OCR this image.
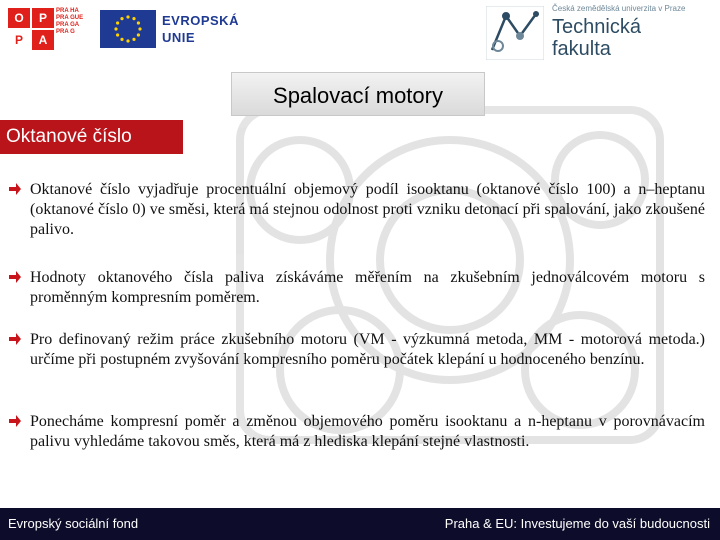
O	P
P	A
PRA HA
PRA GUE
PRA GA
PRA G
EVROPSKÁ
UNIE
Česká zemědělská univerzita v Praze
Technická
fakulta
Spalovací motory
Oktanové číslo
Oktanové číslo vyjadřuje procentuální objemový podíl isooktanu (oktanové číslo 100) a n–heptanu (oktanové číslo 0) ve směsi, která má stejnou odolnost proti vzniku detonací při spalování, jako zkoušené palivo.
Hodnoty oktanového čísla paliva získáváme měřením na zkušebním jednoválcovém motoru s proměnným kompresním poměrem.
Pro definovaný režim práce zkušebního motoru (VM - výzkumná metoda, MM - motorová metoda.) určíme při postupném zvyšování kompresního poměru počátek klepání u hodnoceného benzínu.
Ponecháme kompresní poměr a změnou objemového poměru isooktanu a n-heptanu v porovnávacím palivu vyhledáme takovou směs, která má z hlediska klepání stejné vlastnosti.
Evropský sociální fond	Praha & EU: Investujeme do vaší budoucnosti
